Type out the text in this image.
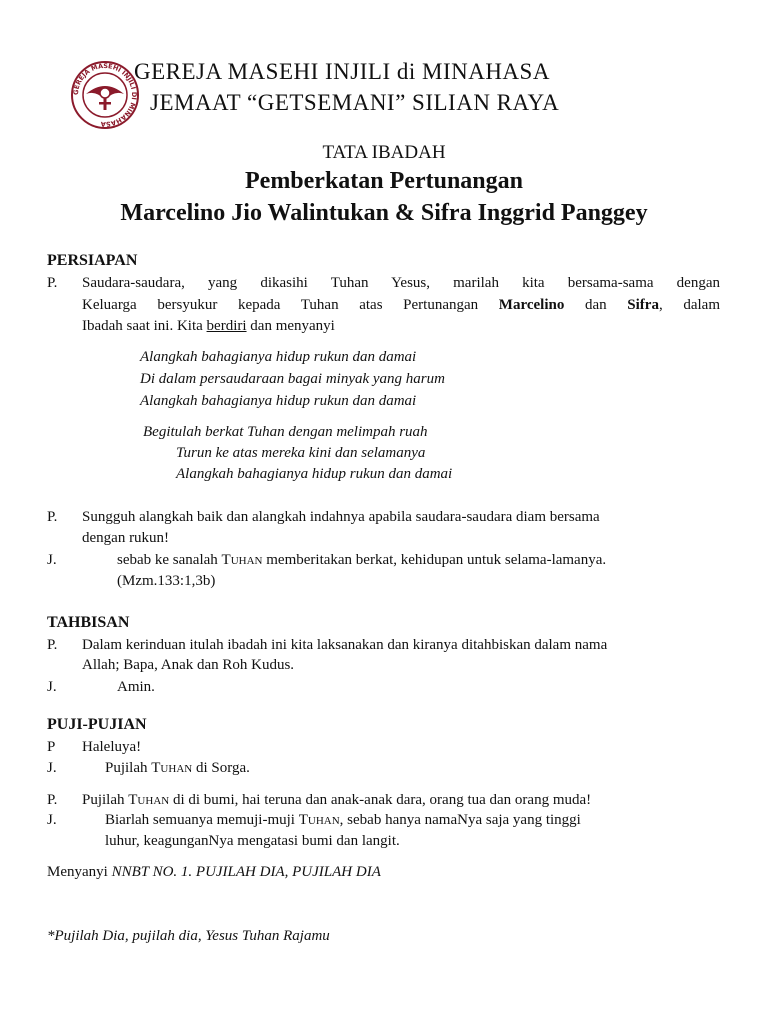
GEREJA MASEHI INJILI DI MINAHASA
GEREJA MASEHI INJILI di MINAHASA
JEMAAT “GETSEMANI” SILIAN RAYA
TATA IBADAH
Pemberkatan Pertunangan
Marcelino Jio Walintukan & Sifra Inggrid Panggey
PERSIAPAN
P. Saudara-saudara, yang dikasihi Tuhan Yesus, marilah kita bersama-sama dengan
Keluarga bersyukur kepada Tuhan atas Pertunangan Marcelino dan Sifra, dalam
Ibadah saat ini. Kita berdiri dan menyanyi
Alangkah bahagianya hidup rukun dan damai
Di dalam persaudaraan bagai minyak yang harum
Alangkah bahagianya hidup rukun dan damai
Begitulah berkat Tuhan dengan melimpah ruah
Turun ke atas mereka kini dan selamanya
Alangkah bahagianya hidup rukun dan damai
P. Sungguh alangkah baik dan alangkah indahnya apabila saudara-saudara diam bersama
dengan rukun!
J.	sebab ke sanalah Tuhan memberitakan berkat, kehidupan untuk selama-lamanya.
(Mzm.133:1,3b)
TAHBISAN
P. Dalam kerinduan itulah ibadah ini kita laksanakan dan kiranya ditahbiskan dalam nama
Allah; Bapa, Anak dan Roh Kudus.
J.	Amin.
PUJI-PUJIAN
P Haleluya!
J.	Pujilah Tuhan di Sorga.
P. Pujilah Tuhan di di bumi, hai teruna dan anak-anak dara, orang tua dan orang muda!
J.	Biarlah semuanya memuji-muji Tuhan, sebab hanya namaNya saja yang tinggi
luhur, keagunganNya mengatasi bumi dan langit.
Menyanyi NNBT NO. 1. PUJILAH DIA, PUJILAH DIA
*Pujilah Dia, pujilah dia, Yesus Tuhan Rajamu
